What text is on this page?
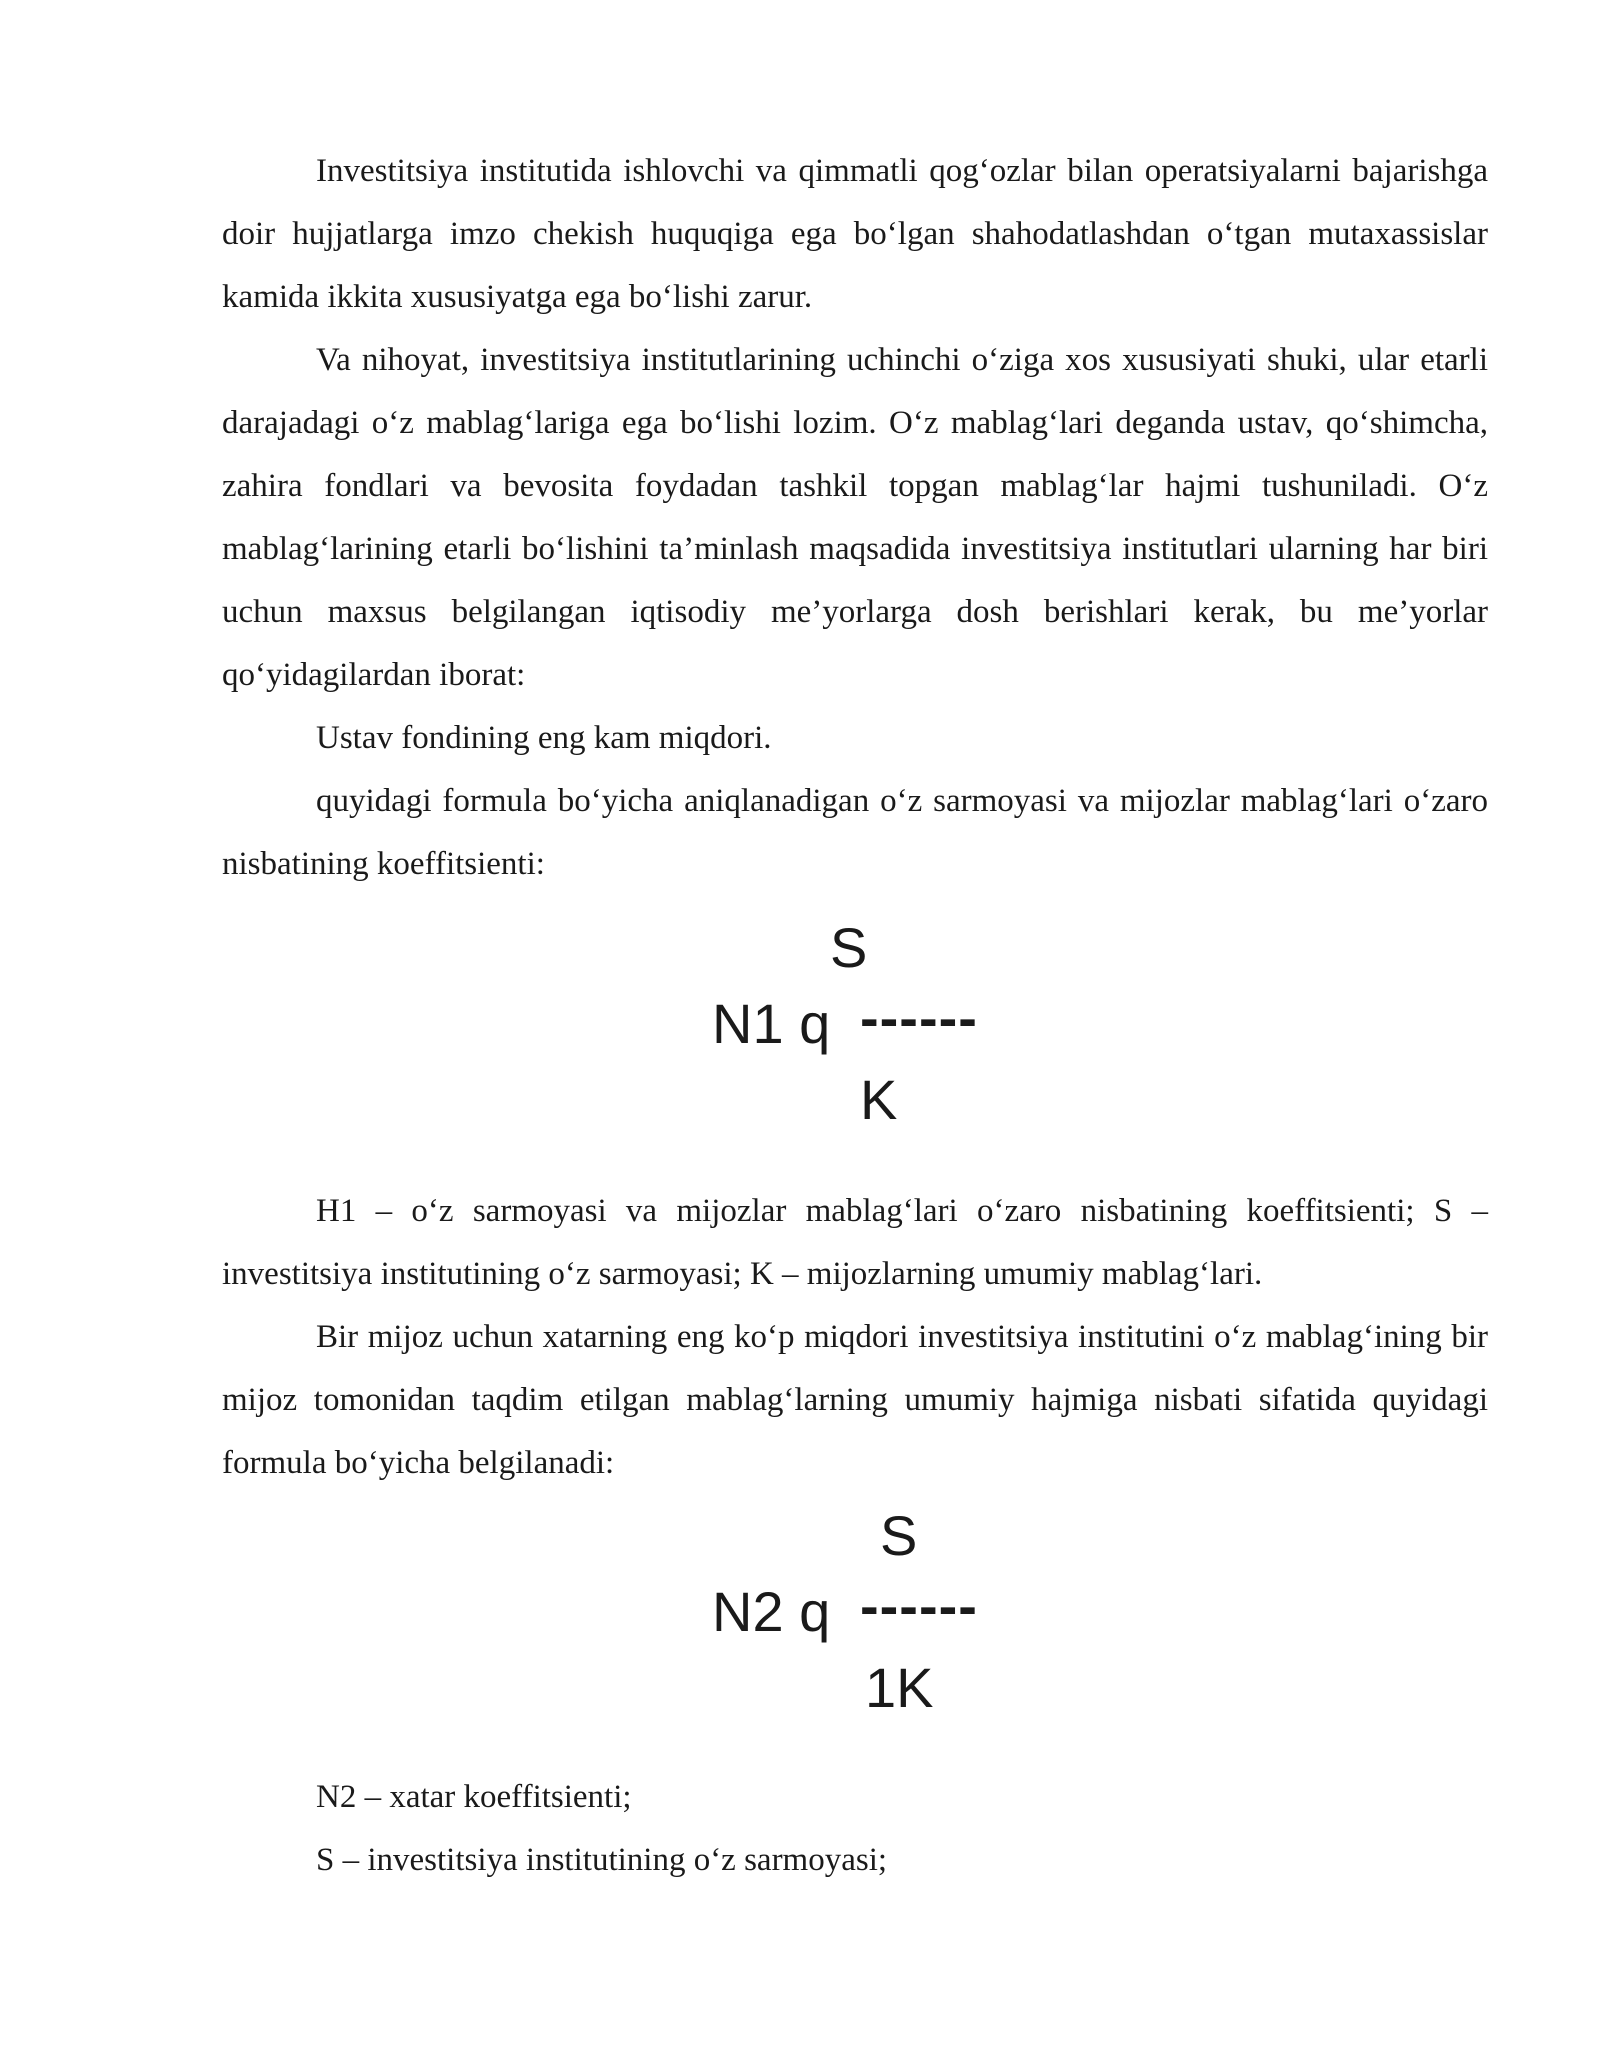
Investitsiya institutida ishlovchi va qimmatli qog‘ozlar bilan operatsiyalarni bajarishga doir hujjatlarga imzo chekish huquqiga ega bo‘lgan shahodatlashdan o‘tgan mutaxassislar kamida ikkita xususiyatga ega bo‘lishi zarur.

Va nihoyat, investitsiya institutlarining uchinchi o‘ziga xos xususiyati shuki, ular etarli darajadagi o‘z mablag‘lariga ega bo‘lishi lozim. O‘z mablag‘lari deganda ustav, qo‘shimcha, zahira fondlari va bevosita foydadan tashkil topgan mablag‘lar hajmi tushuniladi. O‘z mablag‘larining etarli bo‘lishini ta’minlash maqsadida investitsiya institutlari ularning har biri uchun maxsus belgilangan iqtisodiy me’yorlarga dosh berishlari kerak, bu me’yorlar qo‘yidagilardan iborat:

Ustav fondining eng kam miqdori.

quyidagi formula bo‘yicha aniqlanadigan o‘z sarmoyasi va mijozlar mablag‘lari o‘zaro nisbatining koeffitsienti:

S
N1 q ------
K

H1 – o‘z sarmoyasi va mijozlar mablag‘lari o‘zaro nisbatining koeffitsienti; S – investitsiya institutining o‘z sarmoyasi; K – mijozlarning umumiy mablag‘lari.

Bir mijoz uchun xatarning eng ko‘p miqdori investitsiya institutini o‘z mablag‘ining bir mijoz tomonidan taqdim etilgan mablag‘larning umumiy hajmiga nisbati sifatida quyidagi formula bo‘yicha belgilanadi:

S
N2 q ------
1K

N2 – xatar koeffitsienti;

S – investitsiya institutining o‘z sarmoyasi;
